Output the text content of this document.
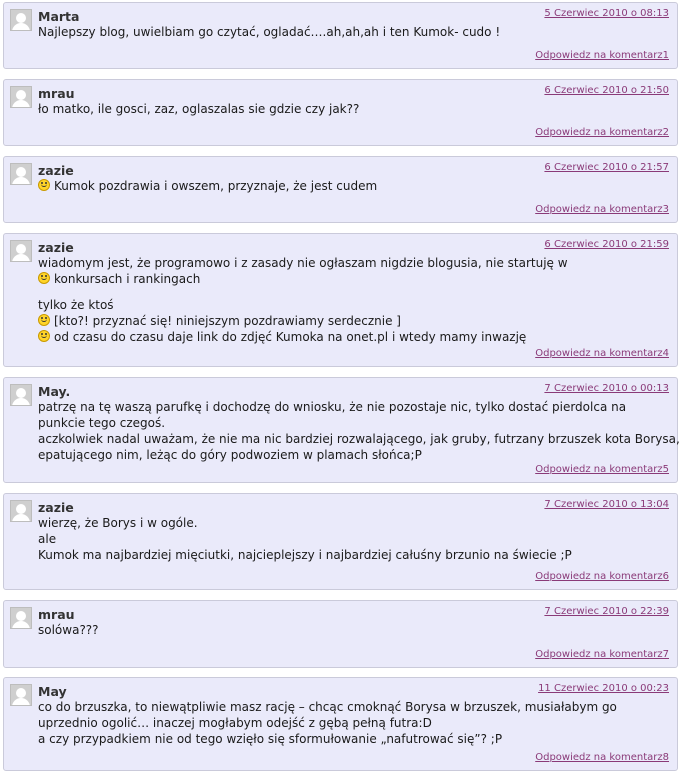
Marta	5 Czerwiec 2010 o 08:13
Najlepszy blog, uwielbiam go czytać, ogladać….ah,ah,ah i ten Kumok- cudo !
Odpowiedz na komentarz1
mrau	6 Czerwiec 2010 o 21:50
ło matko, ile gosci, zaz, oglaszalas sie gdzie czy jak??
Odpowiedz na komentarz2
zazie	6 Czerwiec 2010 o 21:57
Kumok pozdrawia i owszem, przyznaje, że jest cudem
Odpowiedz na komentarz3
zazie	6 Czerwiec 2010 o 21:59
wiadomym jest, że programowo i z zasady nie ogłaszam nigdzie blogusia, nie startuję w
konkursach i rankingach
tylko że ktoś
[kto?! przyznać się! niniejszym pozdrawiamy serdecznie ]
od czasu do czasu daje link do zdjęć Kumoka na onet.pl i wtedy mamy inwazję
Odpowiedz na komentarz4
May.	7 Czerwiec 2010 o 00:13
patrzę na tę waszą parufkę i dochodzę do wniosku, że nie pozostaje nic, tylko dostać pierdolca na
punkcie tego czegoś.
aczkolwiek nadal uważam, że nie ma nic bardziej rozwalającego, jak gruby, futrzany brzuszek kota Borysa,
epatującego nim, leżąc do góry podwoziem w plamach słońca;P
Odpowiedz na komentarz5
zazie	7 Czerwiec 2010 o 13:04
wierzę, że Borys i w ogóle.
ale
Kumok ma najbardziej mięciutki, najcieplejszy i najbardziej całuśny brzunio na świecie ;P
Odpowiedz na komentarz6
mrau	7 Czerwiec 2010 o 22:39
solówa???
Odpowiedz na komentarz7
May	11 Czerwiec 2010 o 00:23
co do brzuszka, to niewątpliwie masz rację – chcąc cmoknąć Borysa w brzuszek, musiałabym go
uprzednio ogolić… inaczej mogłabym odejść z gębą pełną futra:D
a czy przypadkiem nie od tego wzięło się sformułowanie „nafutrować się”? ;P
Odpowiedz na komentarz8
